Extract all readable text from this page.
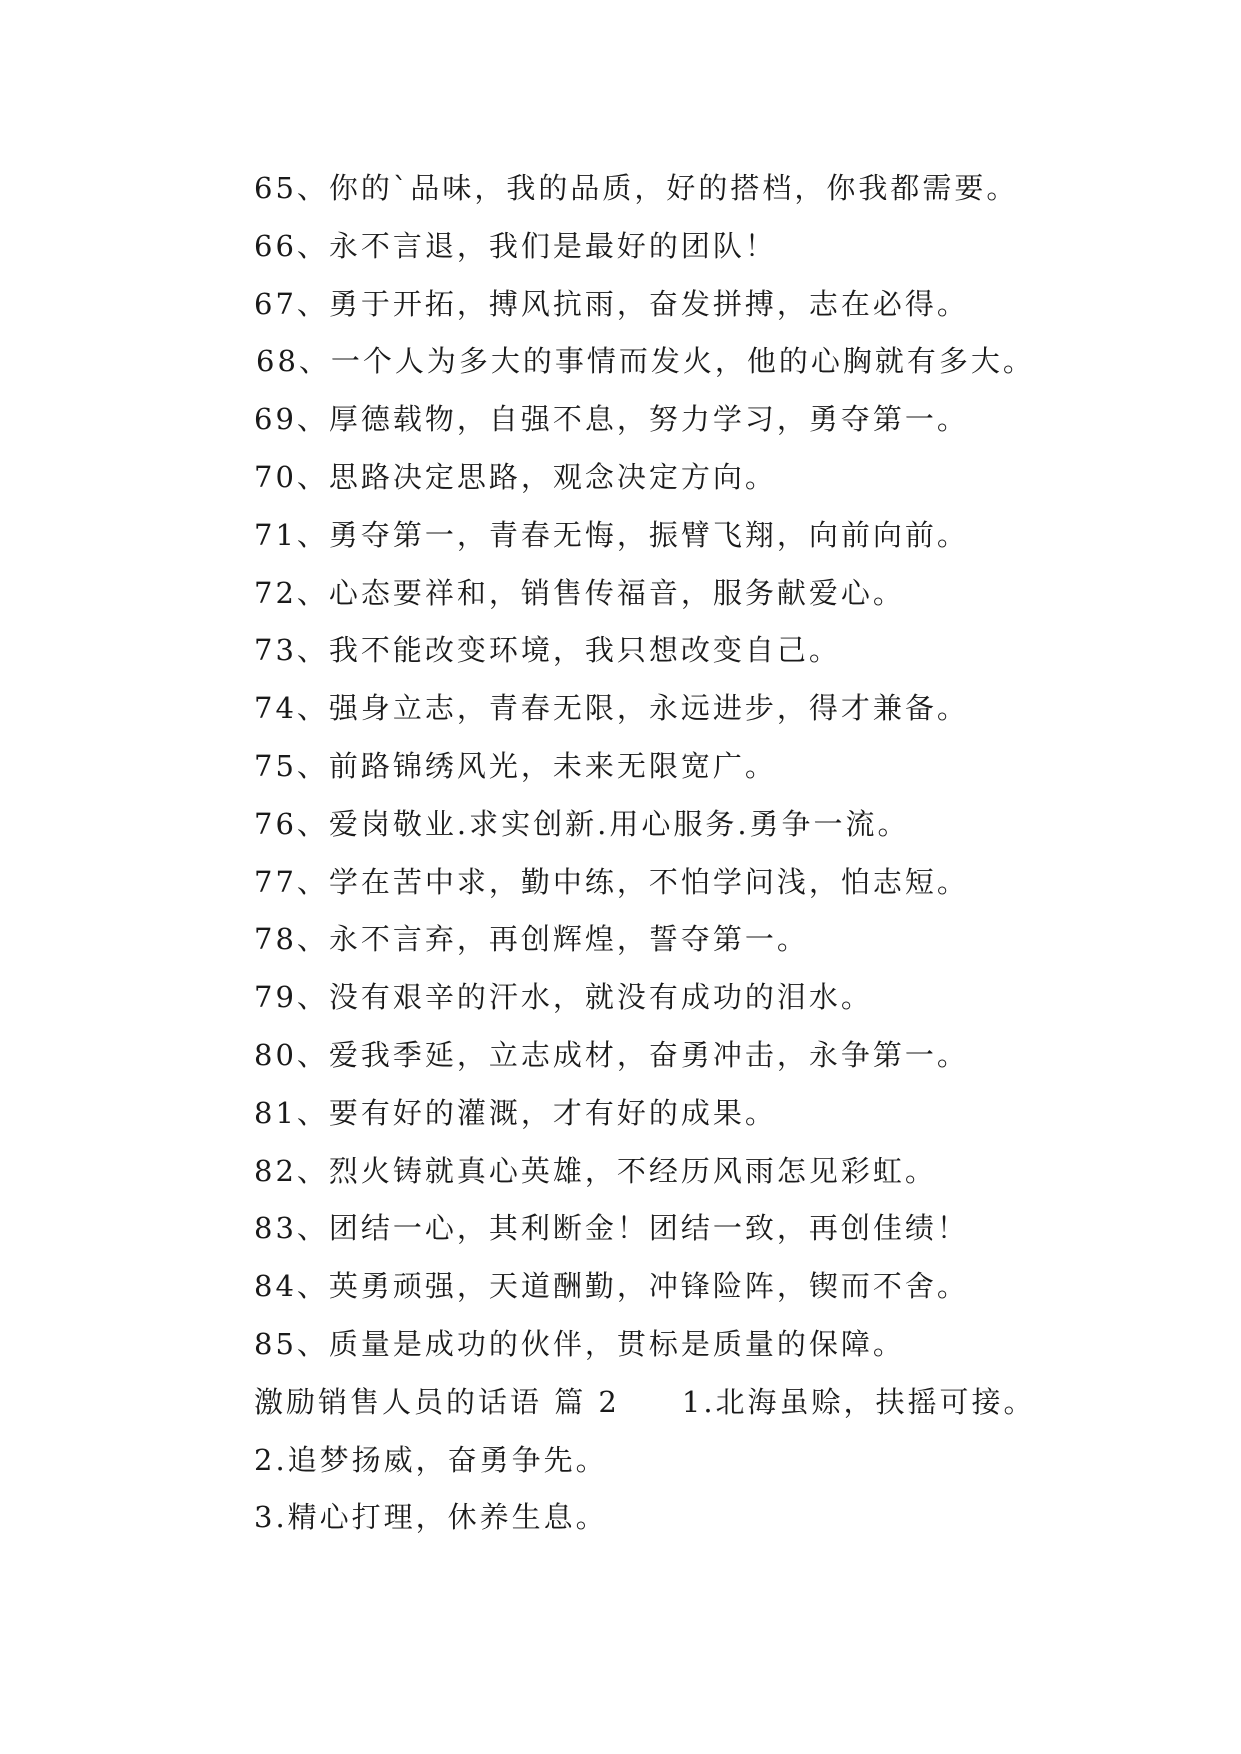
65、你的`品味，我的品质，好的搭档，你我都需要。
66、永不言退，我们是最好的团队！
67、勇于开拓，搏风抗雨，奋发拼搏，志在必得。
68、一个人为多大的事情而发火，他的心胸就有多大。
69、厚德载物，自强不息，努力学习，勇夺第一。
70、思路决定思路，观念决定方向。
71、勇夺第一，青春无悔，振臂飞翔，向前向前。
72、心态要祥和，销售传福音，服务献爱心。
73、我不能改变环境，我只想改变自己。
74、强身立志，青春无限，永远进步，得才兼备。
75、前路锦绣风光，未来无限宽广。
76、爱岗敬业.求实创新.用心服务.勇争一流。
77、学在苦中求，勤中练，不怕学问浅，怕志短。
78、永不言弃，再创辉煌，誓夺第一。
79、没有艰辛的汗水，就没有成功的泪水。
80、爱我季延，立志成材，奋勇冲击，永争第一。
81、要有好的灌溉，才有好的成果。
82、烈火铸就真心英雄，不经历风雨怎见彩虹。
83、团结一心，其利断金！团结一致，再创佳绩！
84、英勇顽强，天道酬勤，冲锋险阵，锲而不舍。
85、质量是成功的伙伴，贯标是质量的保障。
激励销售人员的话语 篇 2 1.北海虽赊，扶摇可接。
2.追梦扬威，奋勇争先。
3.精心打理，休养生息。
